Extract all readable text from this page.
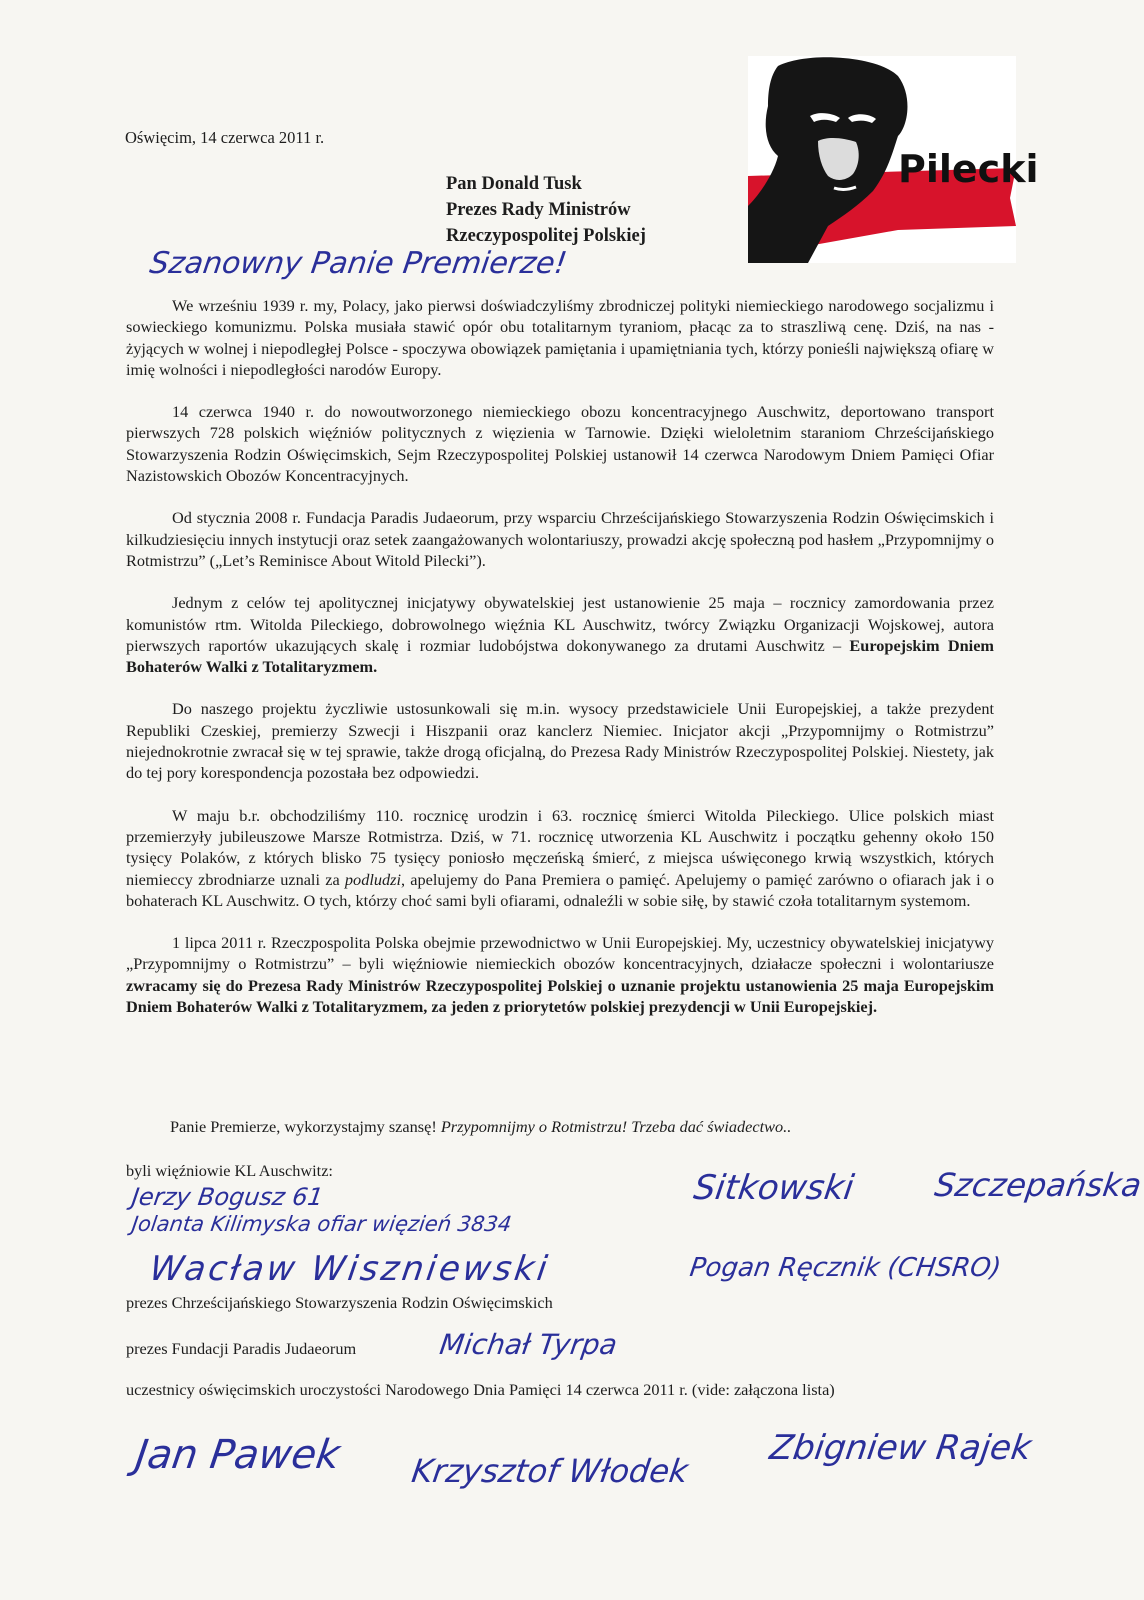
Oświęcim, 14 czerwca 2011 r.
Pan Donald Tusk
Prezes Rady Ministrów
Rzeczypospolitej Polskiej
Pilecki
Szanowny Panie Premierze!

We wrześniu 1939 r. my, Polacy, jako pierwsi doświadczyliśmy zbrodniczej polityki niemieckiego narodowego socjalizmu i sowieckiego komunizmu. Polska musiała stawić opór obu totalitarnym tyraniom, płacąc za to straszliwą cenę. Dziś, na nas - żyjących w wolnej i niepodległej Polsce - spoczywa obowiązek pamiętania i upamiętniania tych, którzy ponieśli największą ofiarę w imię wolności i niepodległości narodów Europy.

14 czerwca 1940 r. do nowoutworzonego niemieckiego obozu koncentracyjnego Auschwitz, deportowano transport pierwszych 728 polskich więźniów politycznych z więzienia w Tarnowie. Dzięki wieloletnim staraniom Chrześcijańskiego Stowarzyszenia Rodzin Oświęcimskich, Sejm Rzeczypospolitej Polskiej ustanowił 14 czerwca Narodowym Dniem Pamięci Ofiar Nazistowskich Obozów Koncentracyjnych.

Od stycznia 2008 r. Fundacja Paradis Judaeorum, przy wsparciu Chrześcijańskiego Stowarzyszenia Rodzin Oświęcimskich i kilkudziesięciu innych instytucji oraz setek zaangażowanych wolontariuszy, prowadzi akcję społeczną pod hasłem „Przypomnijmy o Rotmistrzu” („Let’s Reminisce About Witold Pilecki”).

Jednym z celów tej apolitycznej inicjatywy obywatelskiej jest ustanowienie 25 maja – rocznicy zamordowania przez komunistów rtm. Witolda Pileckiego, dobrowolnego więźnia KL Auschwitz, twórcy Związku Organizacji Wojskowej, autora pierwszych raportów ukazujących skalę i rozmiar ludobójstwa dokonywanego za drutami Auschwitz – Europejskim Dniem Bohaterów Walki z Totalitaryzmem.

Do naszego projektu życzliwie ustosunkowali się m.in. wysocy przedstawiciele Unii Europejskiej, a także prezydent Republiki Czeskiej, premierzy Szwecji i Hiszpanii oraz kanclerz Niemiec. Inicjator akcji „Przypomnijmy o Rotmistrzu” niejednokrotnie zwracał się w tej sprawie, także drogą oficjalną, do Prezesa Rady Ministrów Rzeczypospolitej Polskiej. Niestety, jak do tej pory korespondencja pozostała bez odpowiedzi.

W maju b.r. obchodziliśmy 110. rocznicę urodzin i 63. rocznicę śmierci Witolda Pileckiego. Ulice polskich miast przemierzyły jubileuszowe Marsze Rotmistrza. Dziś, w 71. rocznicę utworzenia KL Auschwitz i początku gehenny około 150 tysięcy Polaków, z których blisko 75 tysięcy poniosło męczeńską śmierć, z miejsca uświęconego krwią wszystkich, których niemieccy zbrodniarze uznali za podludzi, apelujemy do Pana Premiera o pamięć. Apelujemy o pamięć zarówno o ofiarach jak i o bohaterach KL Auschwitz. O tych, którzy choć sami byli ofiarami, odnaleźli w sobie siłę, by stawić czoła totalitarnym systemom.

1 lipca 2011 r. Rzeczpospolita Polska obejmie przewodnictwo w Unii Europejskiej. My, uczestnicy obywatelskiej inicjatywy „Przypomnijmy o Rotmistrzu” – byli więźniowie niemieckich obozów koncentracyjnych, działacze społeczni i wolontariusze zwracamy się do Prezesa Rady Ministrów Rzeczypospolitej Polskiej o uznanie projektu ustanowienia 25 maja Europejskim Dniem Bohaterów Walki z Totalitaryzmem, za jeden z priorytetów polskiej prezydencji w Unii Europejskiej.

Panie Premierze, wykorzystajmy szansę! Przypomnijmy o Rotmistrzu! Trzeba dać świadectwo..
byli więźniowie KL Auschwitz:
Jerzy Bogusz 61
Jolanta Kilimyska ofiar więzień 3834
Wacław Wiszniewski
Sitkowski Szczepańska
Pogan Ręcznik (CHSRO)
prezes Chrześcijańskiego Stowarzyszenia Rodzin Oświęcimskich
prezes Fundacji Paradis Judaeorum	Michał Tyrpa
uczestnicy oświęcimskich uroczystości Narodowego Dnia Pamięci 14 czerwca 2011 r. (vide: załączona lista)
Jan Pawek Krzysztof Włodek
Zbigniew Rajek
